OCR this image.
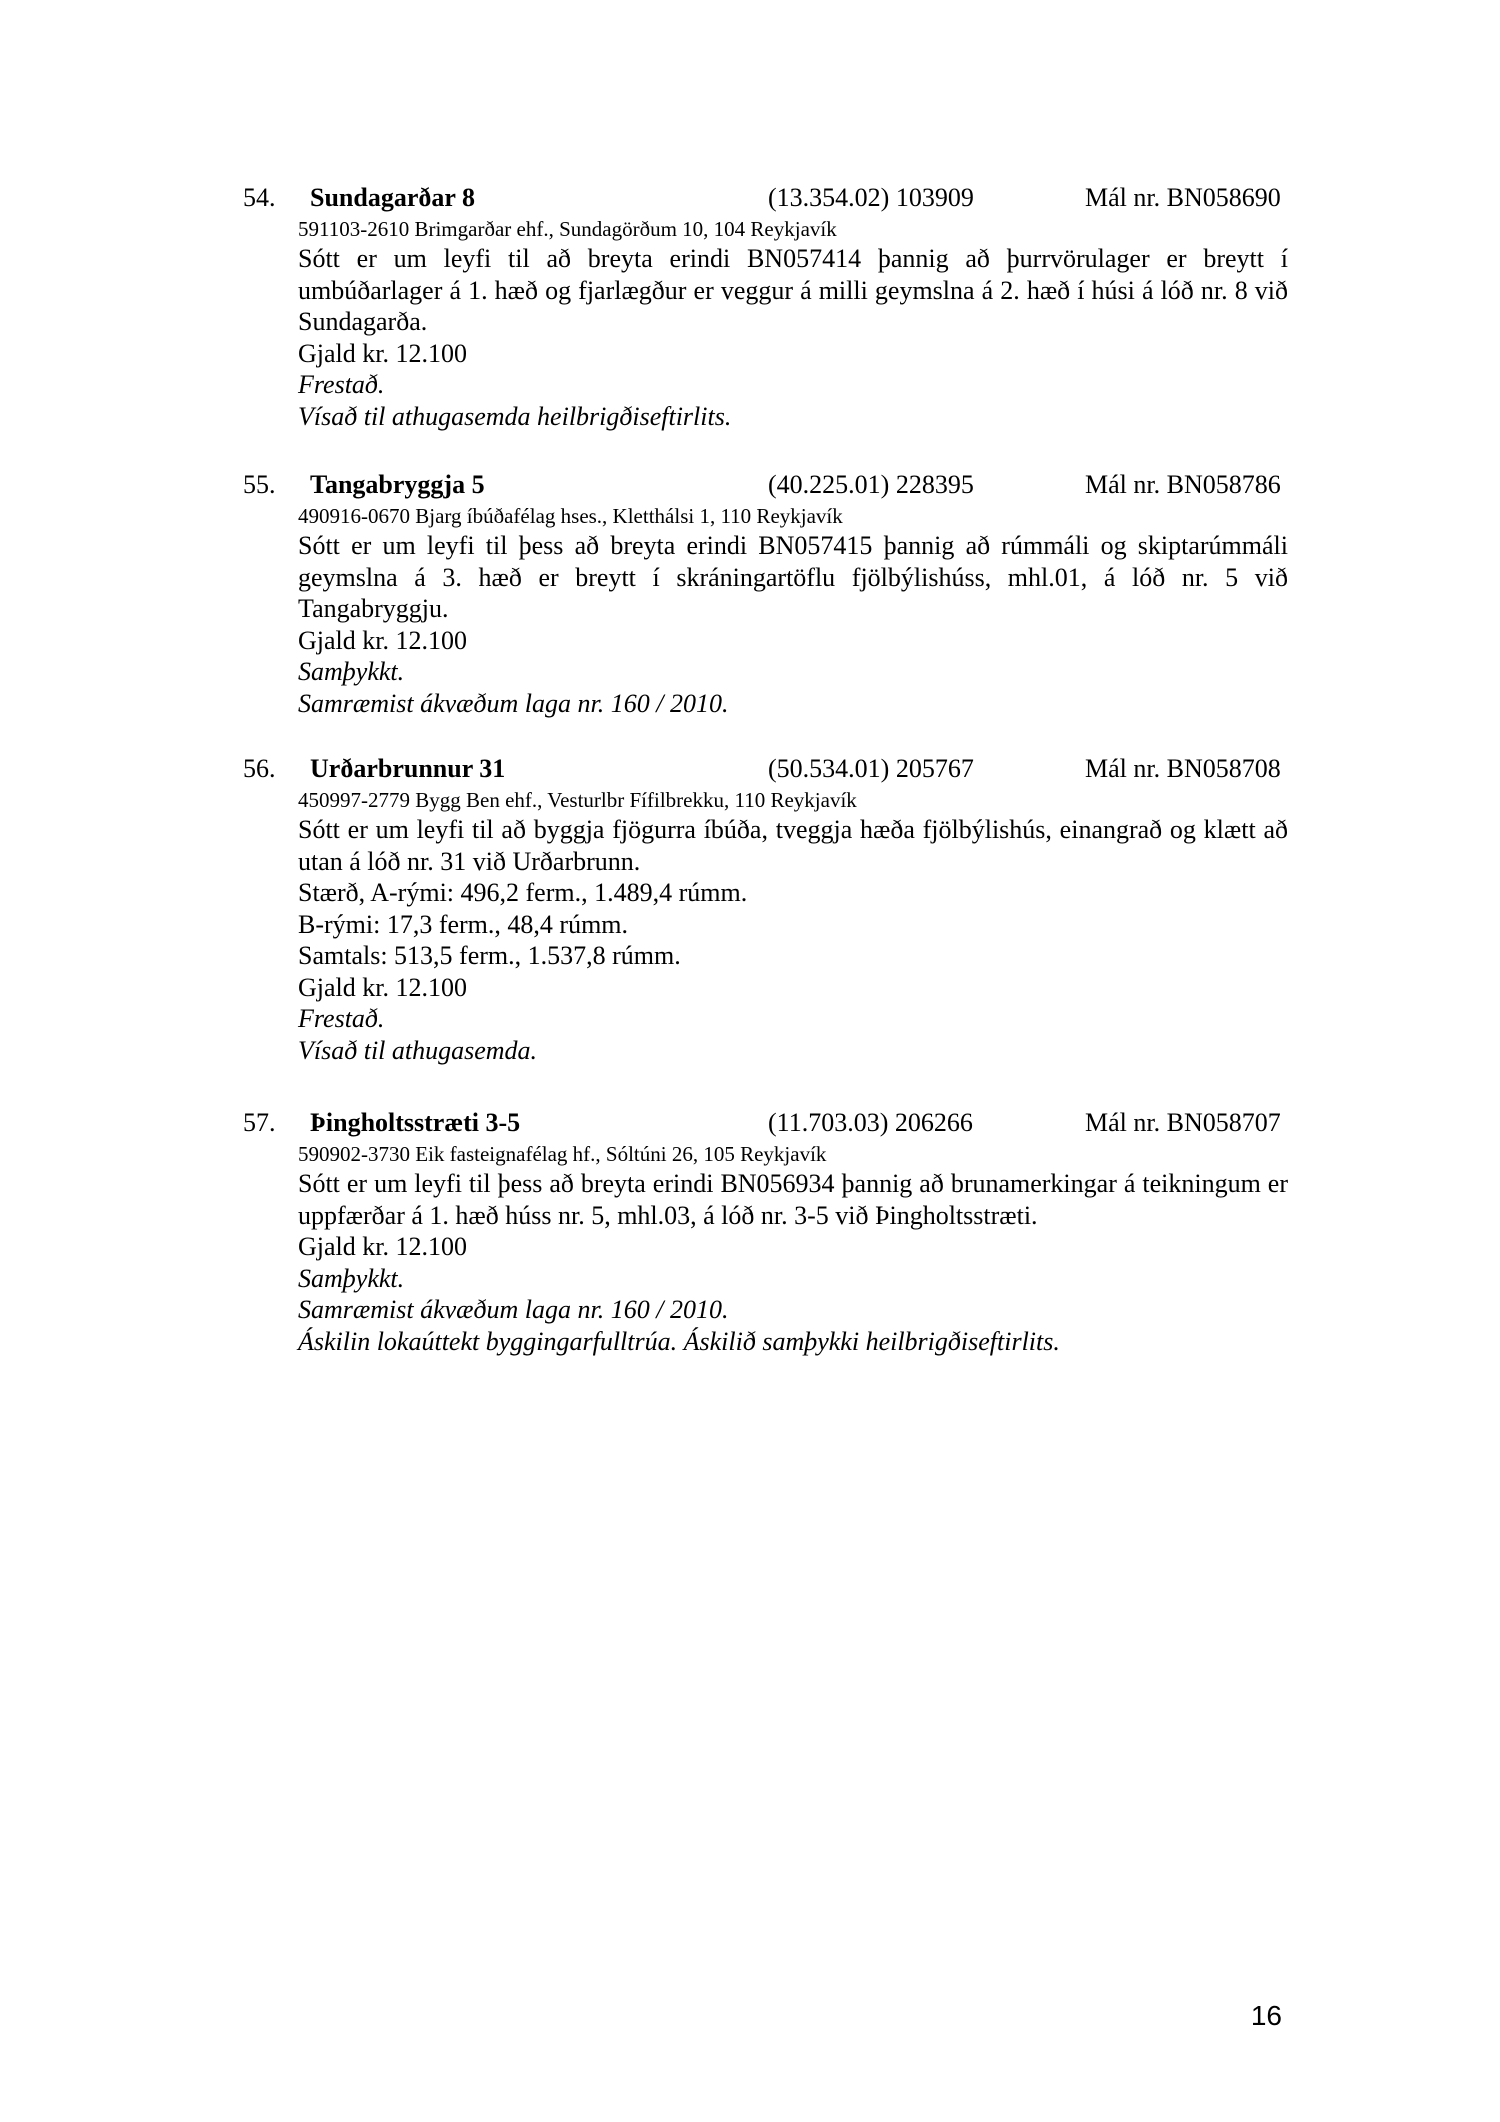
54. Sundagarðar 8	(13.354.02) 103909	Mál nr. BN058690
591103-2610 Brimgarðar ehf., Sundagörðum 10, 104 Reykjavík
Sótt er um leyfi til að breyta erindi BN057414 þannig að þurrvörulager er breytt í umbúðarlager á 1. hæð og fjarlægður er veggur á milli geymslna á 2. hæð í húsi á lóð nr. 8 við Sundagarða.
Gjald kr. 12.100
Frestað.
Vísað til athugasemda heilbrigðiseftirlits.
55. Tangabryggja 5	(40.225.01) 228395	Mál nr. BN058786
490916-0670 Bjarg íbúðafélag hses., Kletthálsi 1, 110 Reykjavík
Sótt er um leyfi til þess að breyta erindi BN057415 þannig að rúmmáli og skiptarúmmáli geymslna á 3. hæð er breytt í skráningartöflu fjölbýlishúss, mhl.01, á lóð nr. 5 við Tangabryggju.
Gjald kr. 12.100
Samþykkt.
Samræmist ákvæðum laga nr. 160 / 2010.
56. Urðarbrunnur 31	(50.534.01) 205767	Mál nr. BN058708
450997-2779 Bygg Ben ehf., Vesturlbr Fífilbrekku, 110 Reykjavík
Sótt er um leyfi til að byggja fjögurra íbúða, tveggja hæða fjölbýlishús, einangrað og klætt að utan á lóð nr. 31 við Urðarbrunn.
Stærð, A-rými: 496,2 ferm., 1.489,4 rúmm.
B-rými: 17,3 ferm., 48,4 rúmm.
Samtals: 513,5 ferm., 1.537,8 rúmm.
Gjald kr. 12.100
Frestað.
Vísað til athugasemda.
57. Þingholtsstræti 3-5	(11.703.03) 206266	Mál nr. BN058707
590902-3730 Eik fasteignafélag hf., Sóltúni 26, 105 Reykjavík
Sótt er um leyfi til þess að breyta erindi BN056934 þannig að brunamerkingar á teikningum er uppfærðar á 1. hæð húss nr. 5, mhl.03, á lóð nr. 3-5 við Þingholtsstræti.
Gjald kr. 12.100
Samþykkt.
Samræmist ákvæðum laga nr. 160 / 2010.
Áskilin lokaúttekt byggingarfulltrúa. Áskilið samþykki heilbrigðiseftirlits.
16
